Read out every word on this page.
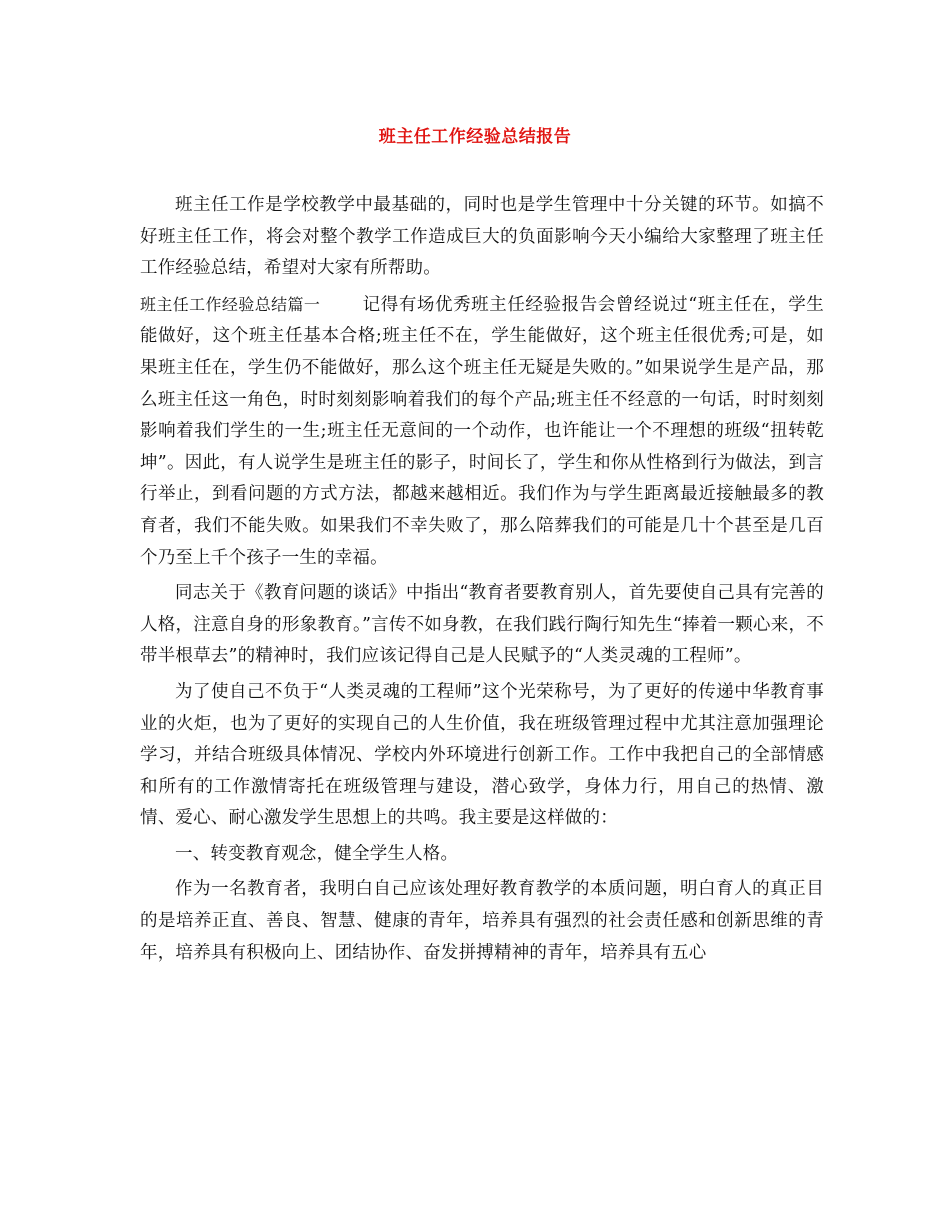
班主任工作经验总结报告

班主任工作是学校教学中最基础的，同时也是学生管理中十分关键的环节。如搞不好班主任工作，将会对整个教学工作造成巨大的负面影响今天小编给大家整理了班主任工作经验总结，希望对大家有所帮助。

班主任工作经验总结篇一 记得有场优秀班主任经验报告会曾经说过“班主任在，学生能做好，这个班主任基本合格;班主任不在，学生能做好，这个班主任很优秀;可是，如果班主任在，学生仍不能做好，那么这个班主任无疑是失败的。”如果说学生是产品，那么班主任这一角色，时时刻刻影响着我们的每个产品;班主任不经意的一句话，时时刻刻影响着我们学生的一生;班主任无意间的一个动作，也许能让一个不理想的班级“扭转乾坤”。因此，有人说学生是班主任的影子，时间长了，学生和你从性格到行为做法，到言行举止，到看问题的方式方法，都越来越相近。我们作为与学生距离最近接触最多的教育者，我们不能失败。如果我们不幸失败了，那么陪葬我们的可能是几十个甚至是几百个乃至上千个孩子一生的幸福。

同志关于《教育问题的谈话》中指出“教育者要教育别人，首先要使自己具有完善的人格，注意自身的形象教育。”言传不如身教，在我们践行陶行知先生“捧着一颗心来，不带半根草去”的精神时，我们应该记得自己是人民赋予的“人类灵魂的工程师”。

为了使自己不负于“人类灵魂的工程师”这个光荣称号，为了更好的传递中华教育事业的火炬，也为了更好的实现自己的人生价值，我在班级管理过程中尤其注意加强理论学习，并结合班级具体情况、学校内外环境进行创新工作。工作中我把自己的全部情感和所有的工作激情寄托在班级管理与建设，潜心致学，身体力行，用自己的热情、激情、爱心、耐心激发学生思想上的共鸣。我主要是这样做的：

一、转变教育观念，健全学生人格。

作为一名教育者，我明白自己应该处理好教育教学的本质问题，明白育人的真正目的是培养正直、善良、智慧、健康的青年，培养具有强烈的社会责任感和创新思维的青年，培养具有积极向上、团结协作、奋发拼搏精神的青年，培养具有五心
